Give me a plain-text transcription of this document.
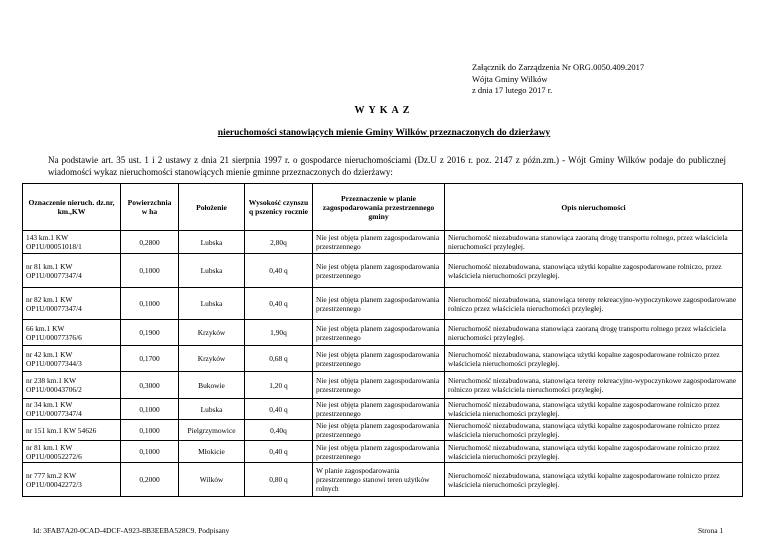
Załącznik do Zarządzenia Nr ORG.0050.409.2017
Wójta Gminy Wilków
z dnia 17 lutego 2017 r.
WYKAZ
nieruchomości stanowiących mienie Gminy Wilków przeznaczonych do dzierżawy
Na podstawie art. 35 ust. 1 i 2 ustawy z dnia 21 sierpnia 1997 r. o gospodarce nieruchomościami (Dz.U z 2016 r. poz. 2147 z późn.zm.) - Wójt Gminy Wilków podaje do publicznej wiadomości wykaz nieruchomości stanowiących mienie gminne przeznaczonych do dzierżawy:
Oznaczenie nieruch. dz.nr, km.,KW	Powierzchnia w ha	Położenie	Wysokość czynszu q pszenicy rocznie	Przeznaczenie w planie zagospodarowania przestrzennego gminy	Opis nieruchomości
143 km.1 KW OP1U/00051018/1	0,2800	Lubska	2,80q	Nie jest objęta planem zagospodarowania przestrzennego	Nieruchomość niezabudowana stanowiąca zaoraną drogę transportu rolnego, przez właściciela nieruchomości przyległej.
nr 81 km.1 KW OP1U/00077347/4	0,1000	Lubska	0,40 q	Nie jest objęta planem zagospodarowania przestrzennego	Nieruchomość niezabudowana, stanowiąca użytki kopalne zagospodarowane rolniczo, przez właściciela nieruchomości przyległej.
nr 82 km.1 KW OP1U/00077347/4	0,1000	Lubska	0,40 q	Nie jest objęta planem zagospodarowania przestrzennego	Nieruchomość niezabudowana, stanowiąca tereny rekreacyjno-wypoczynkowe zagospodarowane rolniczo przez właściciela nieruchomości przyległej.
66 km.1 KW OP1U/00077376/6	0,1900	Krzyków	1,90q	Nie jest objęta planem zagospodarowania przestrzennego	Nieruchomość niezabudowana stanowiąca zaoraną drogę transportu rolnego przez właściciela nieruchomości przyległej.
nr 42 km.1 KW OP1U/00077344/3	0,1700	Krzyków	0,68 q	Nie jest objęta planem zagospodarowania przestrzennego	Nieruchomość niezabudowana, stanowiąca użytki kopalne zagospodarowane rolniczo przez właściciela nieruchomości przyległej.
nr 238 km.1 KW OP1U/00043706/2	0,3000	Bukowie	1,20 q	Nie jest objęta planem zagospodarowania przestrzennego	Nieruchomość niezabudowana, stanowiąca tereny rekreacyjno-wypoczynkowe zagospodarowane rolniczo przez właściciela nieruchomości przyległej.
nr 34 km.1 KW OP1U/00077347/4	0,1000	Lubska	0,40 q	Nie jest objęta planem zagospodarowania przestrzennego	Nieruchomość niezabudowana, stanowiąca użytki kopalne zagospodarowane rolniczo przez właściciela nieruchomości przyległej.
nr 151 km.1 KW 54626	0,1000	Pielgrzymowice	0,40q	Nie jest objęta planem zagospodarowania przestrzennego	Nieruchomość niezabudowana, stanowiąca użytki kopalne zagospodarowane rolniczo przez właściciela nieruchomości przyległej.
nr 81 km.1 KW OP1U/00052272/6	0,1000	Młokicie	0,40 q	Nie jest objęta planem zagospodarowania przestrzennego	Nieruchomość niezabudowana, stanowiąca użytki kopalne zagospodarowane rolniczo przez właściciela nieruchomości przyległej.
nr 777 km.2 KW OP1U/00042272/3	0,2000	Wilków	0,80 q	W planie zagospodarowania przestrzennego stanowi teren użytków rolnych	Nieruchomość niezabudowana, stanowiąca użytki kopalne zagospodarowane rolniczo przez właściciela nieruchomości przyległej.
Id: 3FAB7A20-0CAD-4DCF-A923-8B3EEBA528C9. Podpisany	Strona 1
